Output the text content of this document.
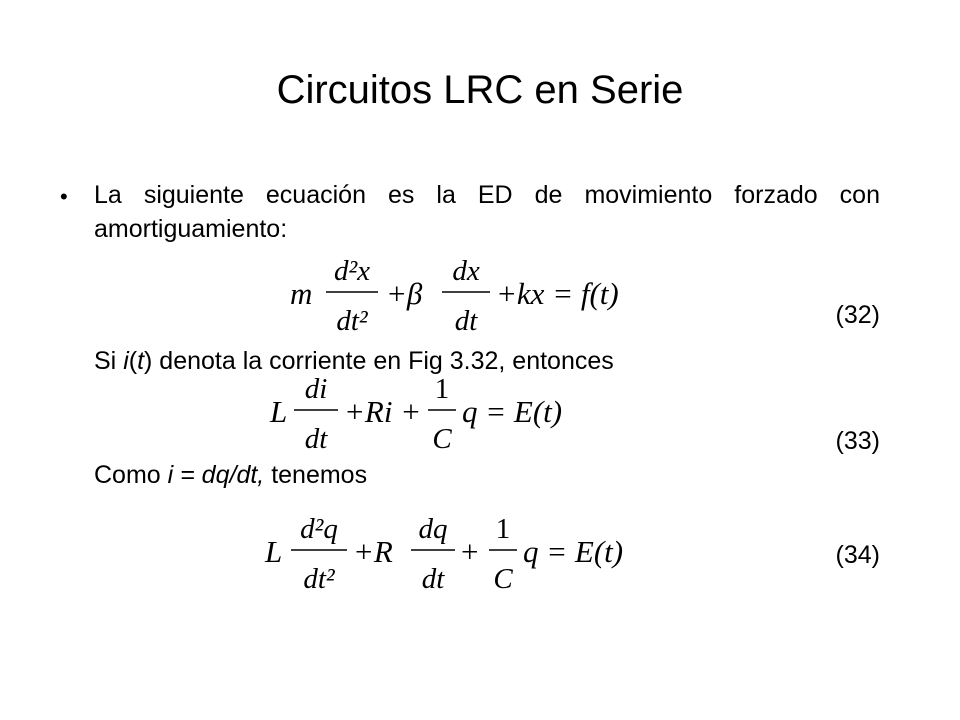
Circuitos LRC en Serie
• La siguiente ecuación es la ED de movimiento forzado con amortiguamiento:
m
d²x
dt²
+β
dx
dt
+kx = f(t)
(32)
Si i(t) denota la corriente en Fig 3.32, entonces
L
di
dt
+Ri +
1
C
q = E(t)
(33)
Como i = dq/dt, tenemos
L
d²q
dt²
+R
dq
dt
+
1
C
q = E(t)	(34)
